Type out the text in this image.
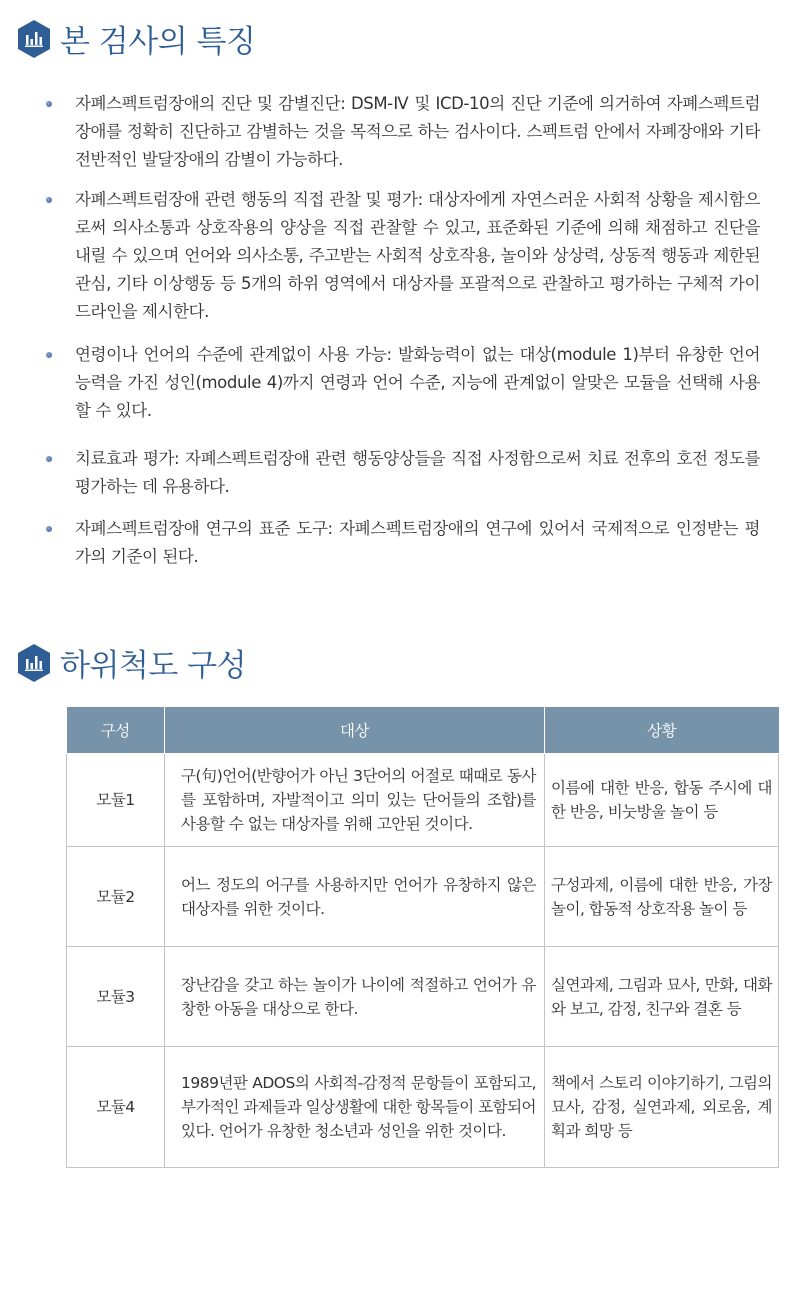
본 검사의 특징
자폐스펙트럼장애의 진단 및 감별진단: DSM-Ⅳ 및 ICD-10의 진단 기준에 의거하여 자폐스펙트럼장애를 정확히 진단하고 감별하는 것을 목적으로 하는 검사이다. 스펙트럼 안에서 자폐장애와 기타 전반적인 발달장애의 감별이 가능하다.
자폐스펙트럼장애 관련 행동의 직접 관찰 및 평가: 대상자에게 자연스러운 사회적 상황을 제시함으로써 의사소통과 상호작용의 양상을 직접 관찰할 수 있고, 표준화된 기준에 의해 채점하고 진단을 내릴 수 있으며 언어와 의사소통, 주고받는 사회적 상호작용, 놀이와 상상력, 상동적 행동과 제한된 관심, 기타 이상행동 등 5개의 하위 영역에서 대상자를 포괄적으로 관찰하고 평가하는 구체적 가이드라인을 제시한다.
연령이나 언어의 수준에 관계없이 사용 가능: 발화능력이 없는 대상(module 1)부터 유창한 언어 능력을 가진 성인(module 4)까지 연령과 언어 수준, 지능에 관계없이 알맞은 모듈을 선택해 사용할 수 있다.
치료효과 평가: 자폐스펙트럼장애 관련 행동양상들을 직접 사정함으로써 치료 전후의 호전 정도를 평가하는 데 유용하다.
자폐스펙트럼장애 연구의 표준 도구: 자폐스펙트럼장애의 연구에 있어서 국제적으로 인정받는 평가의 기준이 된다.
하위척도 구성
구성	대상	상황
모듈1	구(句)언어(반향어가 아닌 3단어의 어절로 때때로 동사를 포함하며, 자발적이고 의미 있는 단어들의 조합)를 사용할 수 없는 대상자를 위해 고안된 것이다.	이름에 대한 반응, 합동 주시에 대한 반응, 비눗방울 놀이 등
모듈2	어느 정도의 어구를 사용하지만 언어가 유창하지 않은 대상자를 위한 것이다.	구성과제, 이름에 대한 반응, 가장놀이, 합동적 상호작용 놀이 등
모듈3	장난감을 갖고 하는 놀이가 나이에 적절하고 언어가 유창한 아동을 대상으로 한다.	실연과제, 그림과 묘사, 만화, 대화와 보고, 감정, 친구와 결혼 등
모듈4	1989년판 ADOS의 사회적-감정적 문항들이 포함되고, 부가적인 과제들과 일상생활에 대한 항목들이 포함되어 있다. 언어가 유창한 청소년과 성인을 위한 것이다.	책에서 스토리 이야기하기, 그림의 묘사, 감정, 실연과제, 외로움, 계획과 희망 등
